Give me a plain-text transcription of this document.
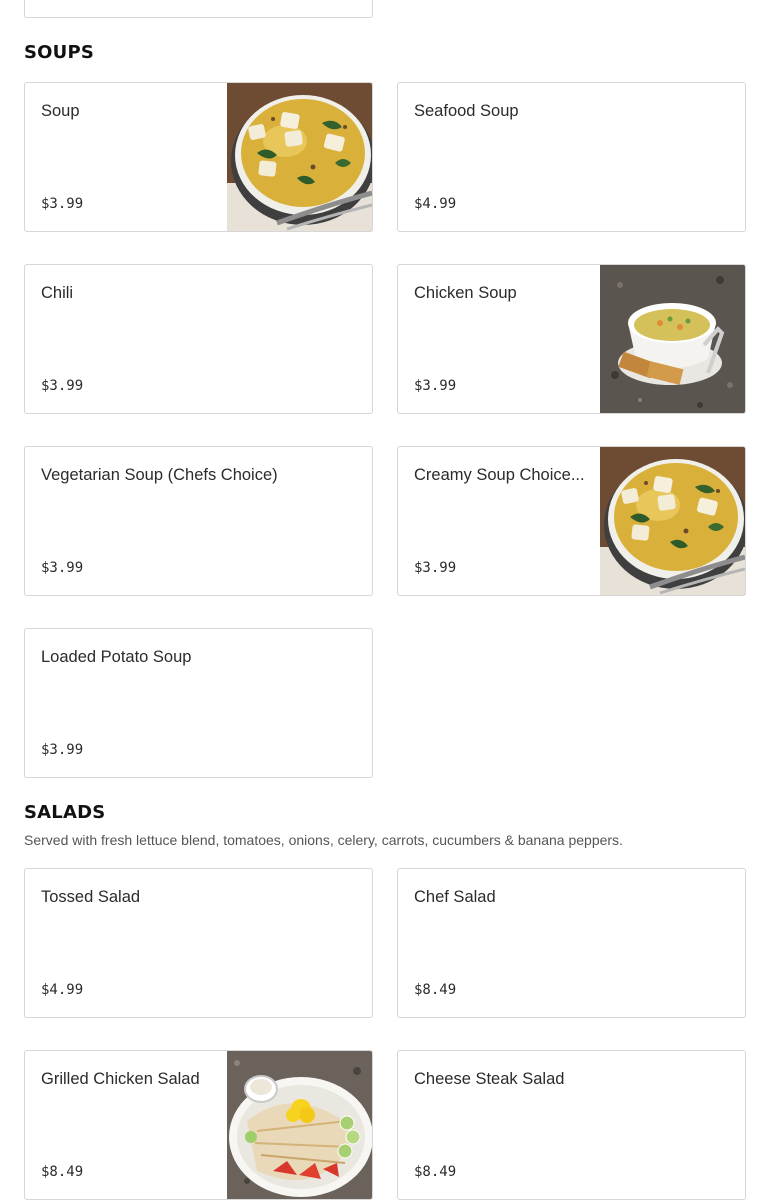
SOUPS
Soup
$3.99
Seafood Soup
$4.99
Chili
$3.99
Chicken Soup
$3.99
Vegetarian Soup (Chefs Choice)
$3.99
Creamy Soup Choice...
$3.99
Loaded Potato Soup
$3.99
SALADS
Served with fresh lettuce blend, tomatoes, onions, celery, carrots, cucumbers & banana peppers.
Tossed Salad
$4.99
Chef Salad
$8.49
Grilled Chicken Salad
$8.49
Cheese Steak Salad
$8.49
